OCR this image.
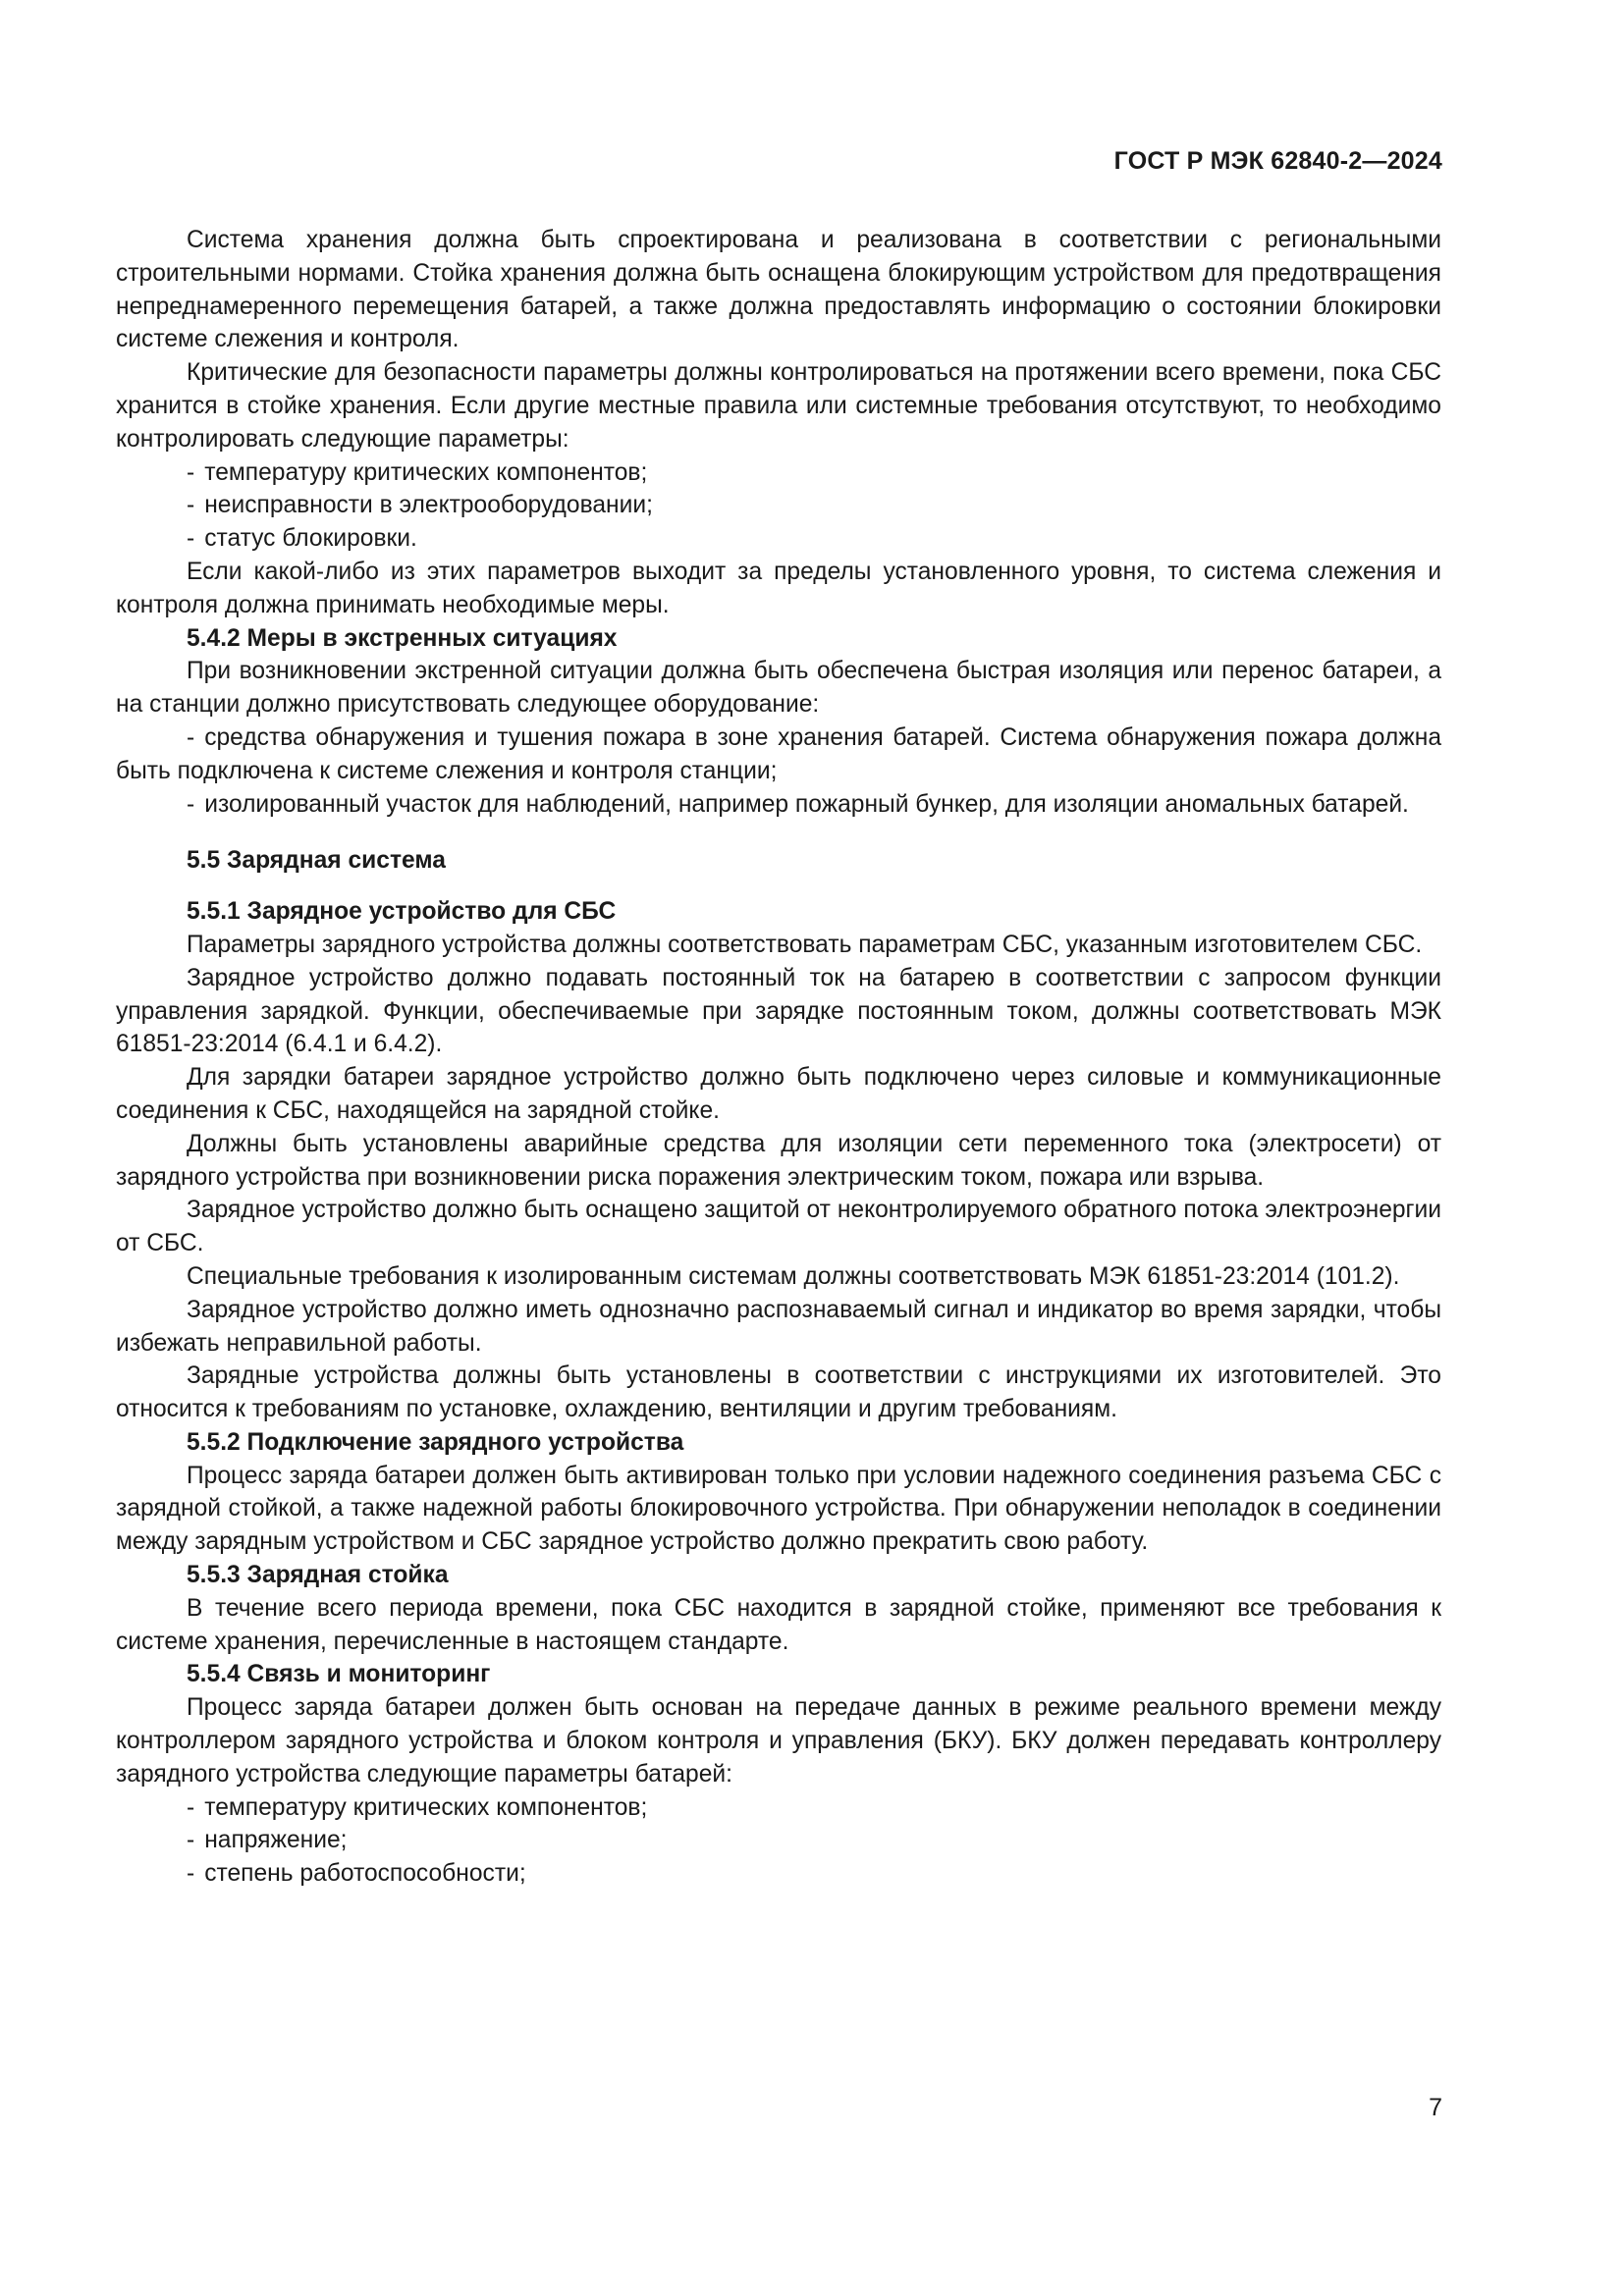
ГОСТ Р МЭК 62840-2—2024

Система хранения должна быть спроектирована и реализована в соответствии с региональными строительными нормами. Стойка хранения должна быть оснащена блокирующим устройством для предотвращения непреднамеренного перемещения батарей, а также должна предоставлять информацию о состоянии блокировки системе слежения и контроля.

Критические для безопасности параметры должны контролироваться на протяжении всего времени, пока СБС хранится в стойке хранения. Если другие местные правила или системные требования отсутствуют, то необходимо контролировать следующие параметры:

- температуру критических компонентов;
- неисправности в электрооборудовании;
- статус блокировки.

Если какой-либо из этих параметров выходит за пределы установленного уровня, то система слежения и контроля должна принимать необходимые меры.

5.4.2 Меры в экстренных ситуациях

При возникновении экстренной ситуации должна быть обеспечена быстрая изоляция или перенос батареи, а на станции должно присутствовать следующее оборудование:

- средства обнаружения и тушения пожара в зоне хранения батарей. Система обнаружения пожара должна быть подключена к системе слежения и контроля станции;
- изолированный участок для наблюдений, например пожарный бункер, для изоляции аномальных батарей.
5.5 Зарядная система
5.5.1 Зарядное устройство для СБС

Параметры зарядного устройства должны соответствовать параметрам СБС, указанным изготовителем СБС.

Зарядное устройство должно подавать постоянный ток на батарею в соответствии с запросом функции управления зарядкой. Функции, обеспечиваемые при зарядке постоянным током, должны соответствовать МЭК 61851-23:2014 (6.4.1 и 6.4.2).

Для зарядки батареи зарядное устройство должно быть подключено через силовые и коммуникационные соединения к СБС, находящейся на зарядной стойке.

Должны быть установлены аварийные средства для изоляции сети переменного тока (электросети) от зарядного устройства при возникновении риска поражения электрическим током, пожара или взрыва.

Зарядное устройство должно быть оснащено защитой от неконтролируемого обратного потока электроэнергии от СБС.

Специальные требования к изолированным системам должны соответствовать МЭК 61851-23:2014 (101.2).

Зарядное устройство должно иметь однозначно распознаваемый сигнал и индикатор во время зарядки, чтобы избежать неправильной работы.

Зарядные устройства должны быть установлены в соответствии с инструкциями их изготовителей. Это относится к требованиям по установке, охлаждению, вентиляции и другим требованиям.

5.5.2 Подключение зарядного устройства

Процесс заряда батареи должен быть активирован только при условии надежного соединения разъема СБС с зарядной стойкой, а также надежной работы блокировочного устройства. При обнаружении неполадок в соединении между зарядным устройством и СБС зарядное устройство должно прекратить свою работу.

5.5.3 Зарядная стойка

В течение всего периода времени, пока СБС находится в зарядной стойке, применяют все требования к системе хранения, перечисленные в настоящем стандарте.

5.5.4 Связь и мониторинг

Процесс заряда батареи должен быть основан на передаче данных в режиме реального времени между контроллером зарядного устройства и блоком контроля и управления (БКУ). БКУ должен передавать контроллеру зарядного устройства следующие параметры батарей:

- температуру критических компонентов;
- напряжение;
- степень работоспособности;
7
